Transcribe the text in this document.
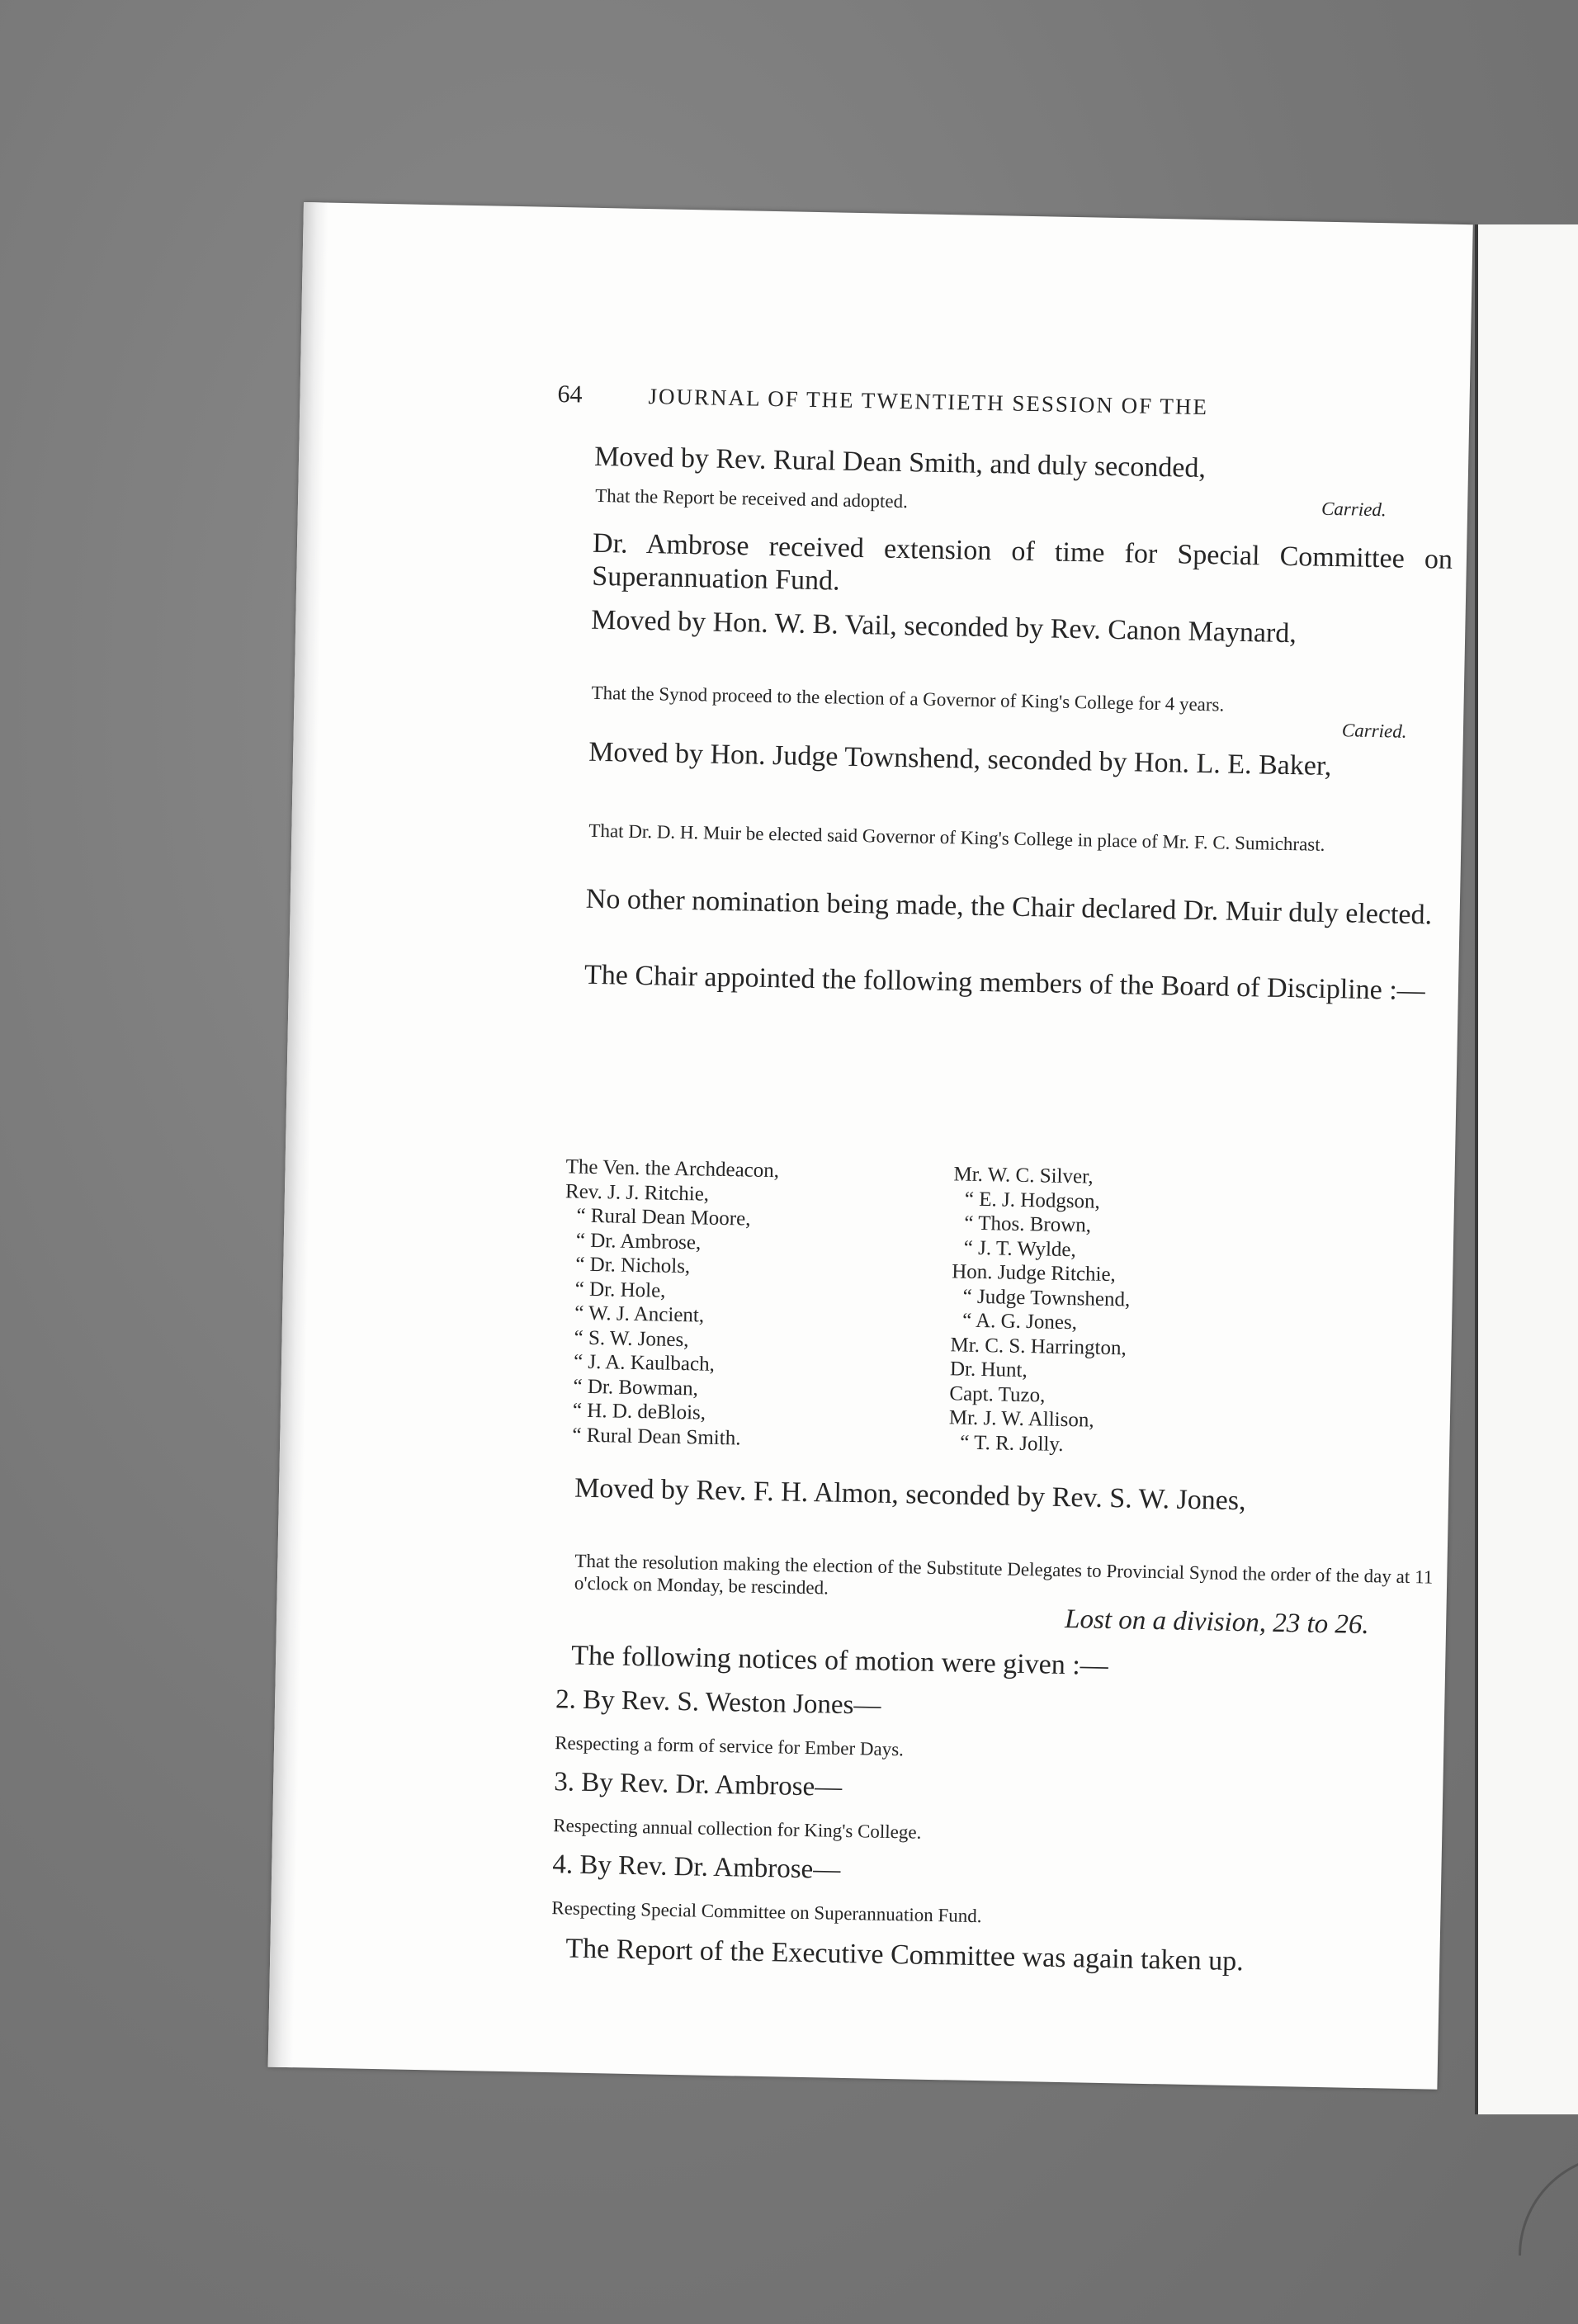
64	JOURNAL OF THE TWENTIETH SESSION OF THE
Moved by Rev. Rural Dean Smith, and duly seconded,
That the Report be received and adopted.	Carried.
Dr. Ambrose received extension of time for Special Committee on Superannuation Fund.
Moved by Hon. W. B. Vail, seconded by Rev. Canon Maynard,
That the Synod proceed to the election of a Governor of King's College for 4 years.
Carried.
Moved by Hon. Judge Townshend, seconded by Hon. L. E. Baker,
That Dr. D. H. Muir be elected said Governor of King's College in place of Mr. F. C. Sumichrast.
No other nomination being made, the Chair declared Dr. Muir duly elected.
The Chair appointed the following members of the Board of Discipline :—
The Ven. the Archdeacon,
Rev. J. J. Ritchie,
“ Rural Dean Moore,
“ Dr. Ambrose,
“ Dr. Nichols,
“ Dr. Hole,
“ W. J. Ancient,
“ S. W. Jones,
“ J. A. Kaulbach,
“ Dr. Bowman,
“ H. D. deBlois,
“ Rural Dean Smith.
Mr. W. C. Silver,
“ E. J. Hodgson,
“ Thos. Brown,
“ J. T. Wylde,
Hon. Judge Ritchie,
“ Judge Townshend,
“ A. G. Jones,
Mr. C. S. Harrington,
Dr. Hunt,
Capt. Tuzo,
Mr. J. W. Allison,
“ T. R. Jolly.
Moved by Rev. F. H. Almon, seconded by Rev. S. W. Jones,
That the resolution making the election of the Substitute Delegates to Provincial Synod the order of the day at 11 o'clock on Monday, be rescinded.
Lost on a division, 23 to 26.
The following notices of motion were given :—
2. By Rev. S. Weston Jones—
Respecting a form of service for Ember Days.
3. By Rev. Dr. Ambrose—
Respecting annual collection for King's College.
4. By Rev. Dr. Ambrose—
Respecting Special Committee on Superannuation Fund.
The Report of the Executive Committee was again taken up.
